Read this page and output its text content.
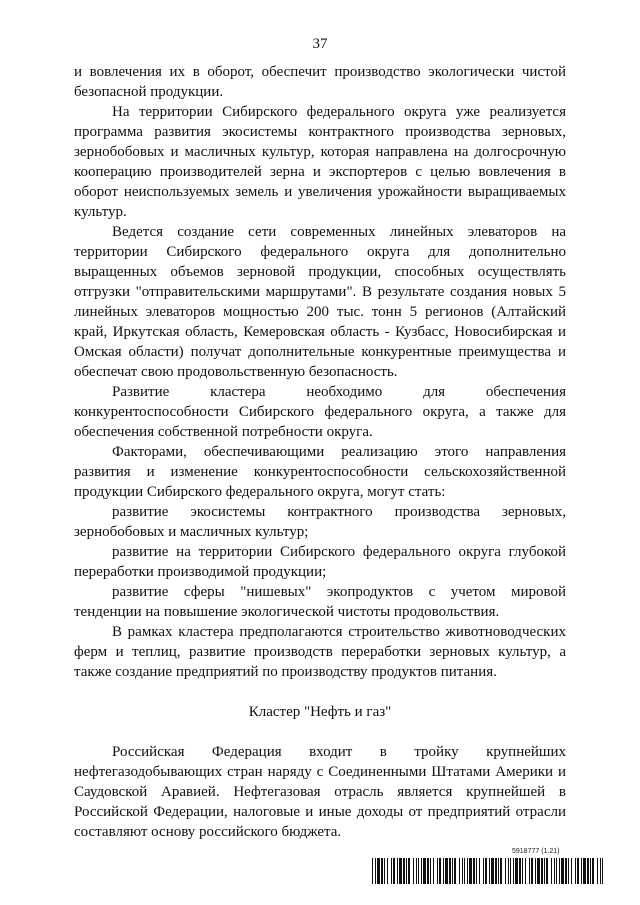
37

и вовлечения их в оборот, обеспечит производство экологически чистой безопасной продукции.

На территории Сибирского федерального округа уже реализуется программа развития экосистемы контрактного производства зерновых, зернобобовых и масличных культур, которая направлена на долгосрочную кооперацию производителей зерна и экспортеров с целью вовлечения в оборот неиспользуемых земель и увеличения урожайности выращиваемых культур.

Ведется создание сети современных линейных элеваторов на территории Сибирского федерального округа для дополнительно выращенных объемов зерновой продукции, способных осуществлять отгрузки "отправительскими маршрутами". В результате создания новых 5 линейных элеваторов мощностью 200 тыс. тонн 5 регионов (Алтайский край, Иркутская область, Кемеровская область - Кузбасс, Новосибирская и Омская области) получат дополнительные конкурентные преимущества и обеспечат свою продовольственную безопасность.

Развитие кластера необходимо для обеспечения конкурентоспособности Сибирского федерального округа, а также для обеспечения собственной потребности округа.

Факторами, обеспечивающими реализацию этого направления развития и изменение конкурентоспособности сельскохозяйственной продукции Сибирского федерального округа, могут стать:

развитие экосистемы контрактного производства зерновых, зернобобовых и масличных культур;

развитие на территории Сибирского федерального округа глубокой переработки производимой продукции;

развитие сферы "нишевых" экопродуктов с учетом мировой тенденции на повышение экологической чистоты продовольствия.

В рамках кластера предполагаются строительство животноводческих ферм и теплиц, развитие производств переработки зерновых культур, а также создание предприятий по производству продуктов питания.

Кластер "Нефть и газ"

Российская Федерация входит в тройку крупнейших нефтегазодобывающих стран наряду с Соединенными Штатами Америки и Саудовской Аравией. Нефтегазовая отрасль является крупнейшей в Российской Федерации, налоговые и иные доходы от предприятий отрасли составляют основу российского бюджета.

5918777 (1.21)
